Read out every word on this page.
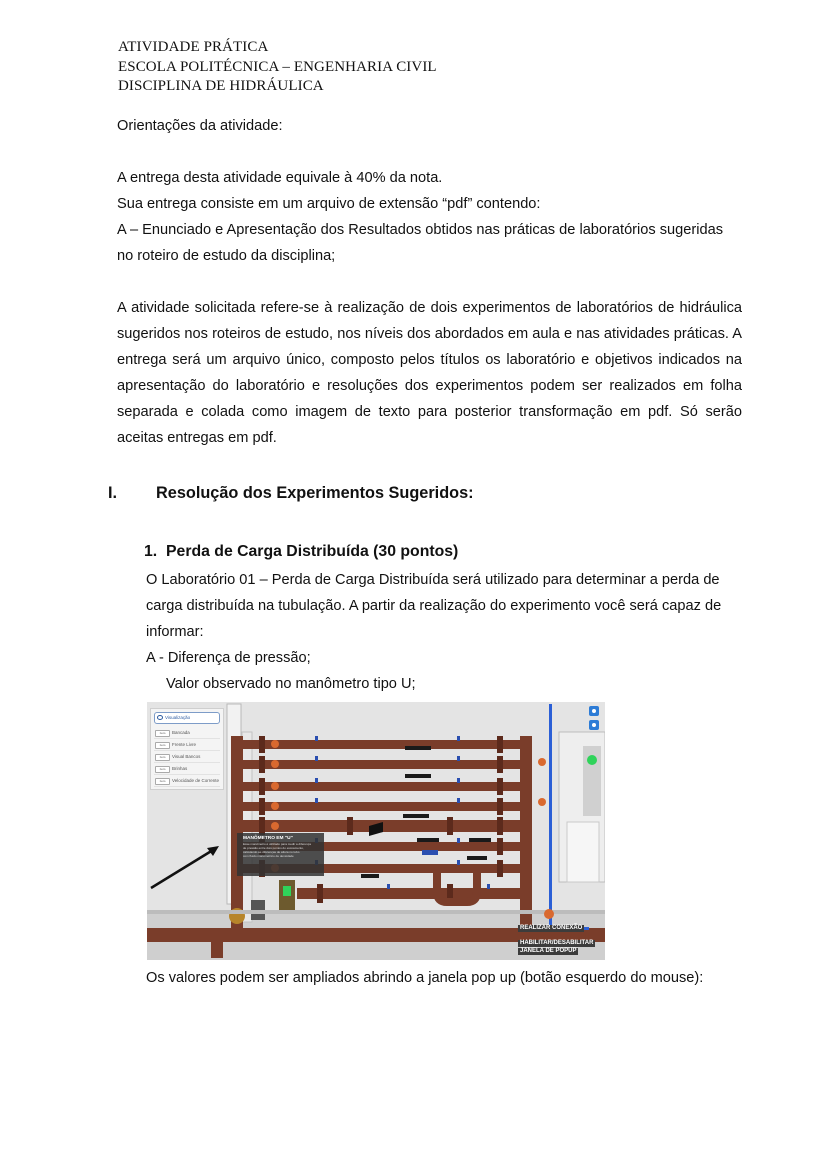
ATIVIDADE PRÁTICA
ESCOLA POLITÉCNICA – ENGENHARIA CIVIL
DISCIPLINA DE HIDRÁULICA
Orientações da atividade:
A entrega desta atividade equivale à 40% da nota.
Sua entrega consiste em um arquivo de extensão “pdf” contendo:
A – Enunciado e Apresentação dos Resultados obtidos nas práticas de laboratórios sugeridas
no roteiro de estudo da disciplina;
A atividade solicitada refere-se à realização de dois experimentos de laboratórios de hidráulica sugeridos nos roteiros de estudo, nos níveis dos abordados em aula e nas atividades práticas. A entrega será um arquivo único, composto pelos títulos os laboratório e objetivos indicados na apresentação do laboratório e resoluções dos experimentos podem ser realizados em folha separada e colada como imagem de texto para posterior transformação em pdf. Só serão aceitas entregas em pdf.
I. Resolução dos Experimentos Sugeridos:
1. Perda de Carga Distribuída (30 pontos)
O Laboratório 01 – Perda de Carga Distribuída será utilizado para determinar a perda de
carga distribuída na tubulação. A partir da realização do experimento você será capaz de
informar:
A - Diferença de pressão;
Valor observado no manômetro tipo U;
Visualização
zero	Bancada
zero	Frente Livre
zero	Visual Bancos
zero	Brinhas
zero	Velocidade de Corrente
MANÔMETRO EM "U"
Esse manômetro é utilizado para medir a diferença
de pressão entre dois pontos do escoamento,
calculando as diferenças de altura no tubo
com fluido manométrico de densidade
REALIZAR CONEXÃO
HABILITAR/DESABILITAR
JANELA DE POPUP
Os valores podem ser ampliados abrindo a janela pop up (botão esquerdo do mouse):
